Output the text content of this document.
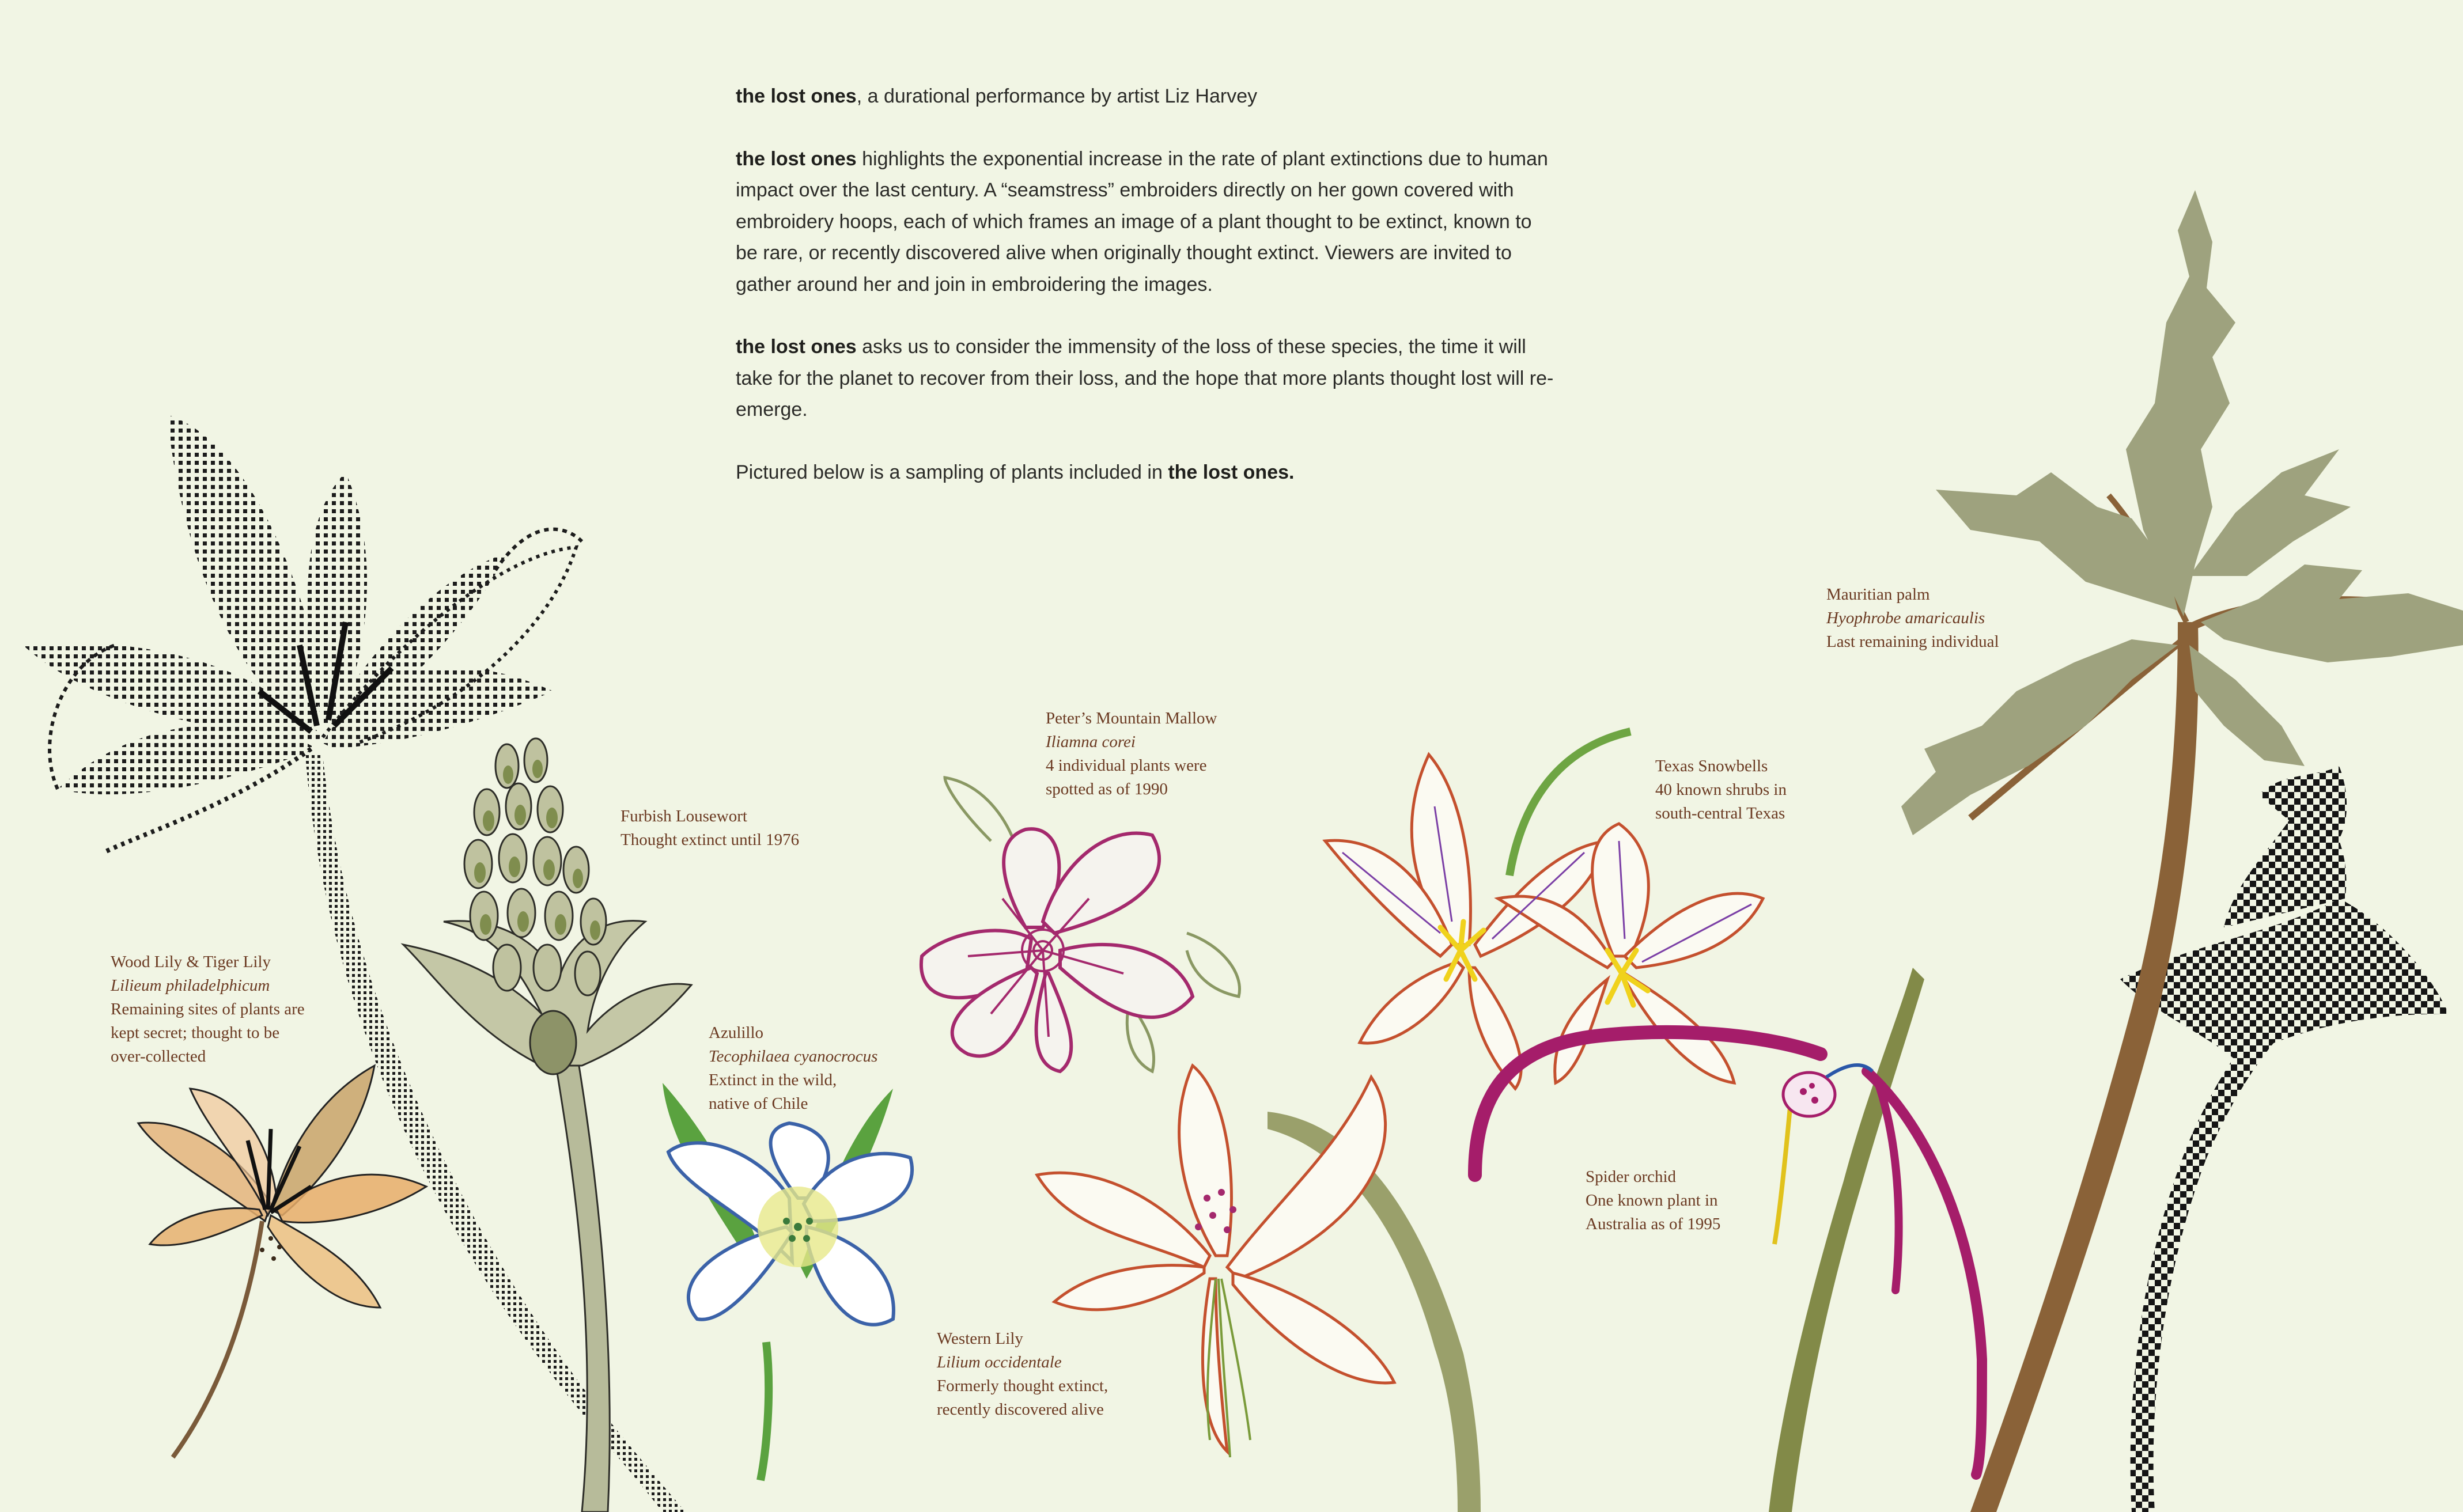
the lost ones, a durational performance by artist Liz Harvey

the lost ones highlights the exponential increase in the rate of plant extinctions due to human impact over the last century. A “seamstress” embroiders directly on her gown covered with embroidery hoops, each of which frames an image of a plant thought to be extinct, known to be rare, or recently discovered alive when originally thought extinct. Viewers are invited to gather around her and join in embroidering the images.

the lost ones asks us to consider the immensity of the loss of these species, the time it will take for the planet to recover from their loss, and the hope that more plants thought lost will re-emerge.

Pictured below is a sampling of plants included in the lost ones.

Wood Lily & Tiger Lily
Lilieum philadelphicum
Remaining sites of plants are
kept secret; thought to be
over-collected
Furbish Lousewort
Thought extinct until 1976
Azulillo
Tecophilaea cyanocrocus
Extinct in the wild,
native of Chile
Peter’s Mountain Mallow
Iliamna corei
4 individual plants were
spotted as of 1990
Western Lily
Lilium occidentale
Formerly thought extinct,
recently discovered alive
Texas Snowbells
40 known shrubs in
south-central Texas
Spider orchid
One known plant in
Australia as of 1995
Mauritian palm
Hyophrobe amaricaulis
Last remaining individual
